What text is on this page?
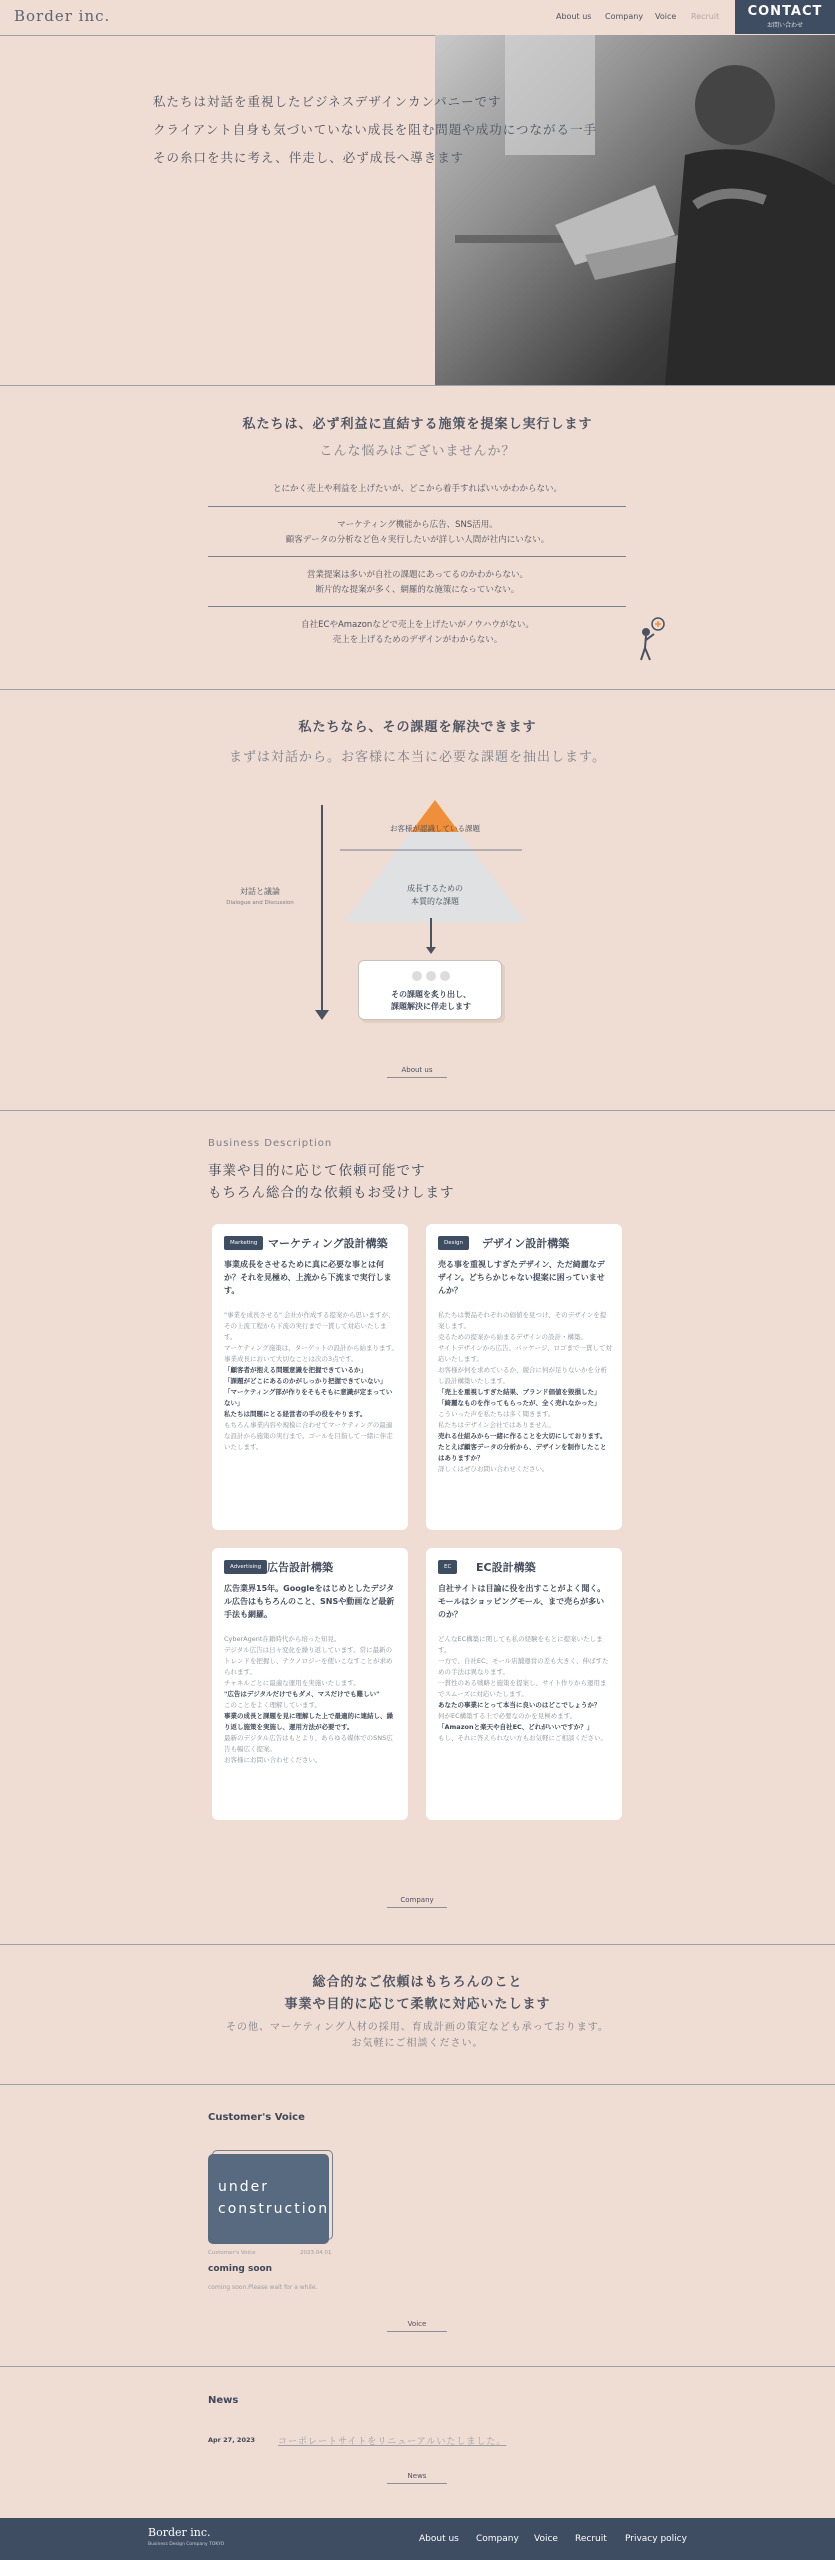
Border inc.	About us Company Voice Recruit	CONTACT
お問い合わせ
私たちは対話を重視したビジネスデザインカンパニーです
クライアント自身も気づいていない成長を阻む問題や成功につながる一手
その糸口を共に考え、伴走し、必ず成長へ導きます
私たちは、必ず利益に直結する施策を提案し実行します
こんな悩みはございませんか？
とにかく売上や利益を上げたいが、どこから着手すればいいかわからない。
マーケティング機能から広告、SNS活用。
顧客データの分析など色々実行したいが詳しい人間が社内にいない。
営業提案は多いが自社の課題にあってるのかわからない。
断片的な提案が多く、網羅的な施策になっていない。
自社ECやAmazonなどで売上を上げたいがノウハウがない。
売上を上げるためのデザインがわからない。
私たちなら、その課題を解決できます
まずは対話から。お客様に本当に必要な課題を抽出します。
対話と議論
Dialogue and Discussion
お客様が認識している課題
成長するための
本質的な課題
その課題を炙り出し、
課題解決に伴走します
About us
Business Description
事業や目的に応じて依頼可能です
もちろん総合的な依頼もお受けします
Marketing マーケティング設計構築
事業成長をさせるために真に必要な事とは何か？それを見極め、上流から下流まで実行します。
"事業を成長させる" 会社が作成する提案から思いますが、その上流工程から下流の実行まで一貫して対応いたします。
マーケティング施策は、ターゲットの設計から始まります。事業成長において大切なことは次の3点です。
「顧客者が抱える問題意識を把握できているか」
「課題がどこにあるのかがしっかり把握できていない」
「マーケティング部が作りをそもそもに意識が定まっていない」
私たちは問題にとる経営者の手の役をやります。
もちろん事業内容や規模に合わせてマーケティングの最適な設計から施策の実行まで。ゴールを目指して一緒に伴走いたします。
Design	デザイン設計構築
売る事を重視しすぎたデザイン、ただ綺麗なデザイン。どちらかじゃない提案に困っていませんか？
私たちは製品それぞれの価値を見つけ、そのデザインを提案します。
売るための提案から始まるデザインの設計・構築。
サイトデザインから広告、パッケージ、ロゴまで一貫して対応いたします。
お客様が何を求めているか、競合に何が足りないかを分析し設計構築いたします。
「売上を重視しすぎた結果、ブランド価値を毀損した」
「綺麗なものを作ってもらったが、全く売れなかった」
こういった声を私たちは多く聞きます。
私たちはデザイン会社ではありません。
売れる仕組みから一緒に作ることを大切にしております。たとえば顧客データの分析から、デザインを制作したことはありますか？
詳しくはぜひお問い合わせください。
Advertising 広告設計構築
広告業界15年。Googleをはじめとしたデジタル広告はもちろんのこと、SNSや動画など最新手法も網羅。
CyberAgent在籍時代から培った知見。
デジタル広告は日々変化を繰り返しています。常に最新のトレンドを把握し、テクノロジーを使いこなすことが求められます。
チャネルごとに最適な運用を実施いたします。
"広告はデジタルだけでもダメ、マスだけでも難しい"
このことをよく理解しています。
事業の成長と課題を見に理解した上で最適的に連結し、繰り返し施策を実施し、運用方法が必要です。
最新のデジタル広告はもとより、あらゆる媒体でのSNS広告も幅広く提案。
お客様にお問い合わせください。
EC	EC設計構築
自社サイトは目論に役を出すことがよく聞く。モールはショッピングモール、まで売らが多いのか？
どんなEC構築に関しても私の経験をもとに提案いたします。
一方で、自社EC、モール店舗運営の差も大きく、伸ばすための手法は異なります。
一貫性のある戦略と施策を提案し、サイト作りから運用までスムーズに対応いたします。
あなたの事業にとって本当に良いのはどこでしょうか？
何がEC構築する上で必要なのかを見極めます。
「Amazonと楽天や自社EC、どれがいいですか？」
もし、それに答えられない方もお気軽にご相談ください。
Company
総合的なご依頼はもちろんのこと
事業や目的に応じて柔軟に対応いたします
その他、マーケティング人材の採用、育成計画の策定なども承っております。
お気軽にご相談ください。
Customer's Voice
under
construction
Customer's Voice	2023.04.01
coming soon
coming soon.Please wait for a while.
Voice
News
Apr 27, 2023	コーポレートサイトをリニューアルいたしました。
News
Border inc.
Business Design Company TOKYO
About us Company Voice Recruit Privacy policy
